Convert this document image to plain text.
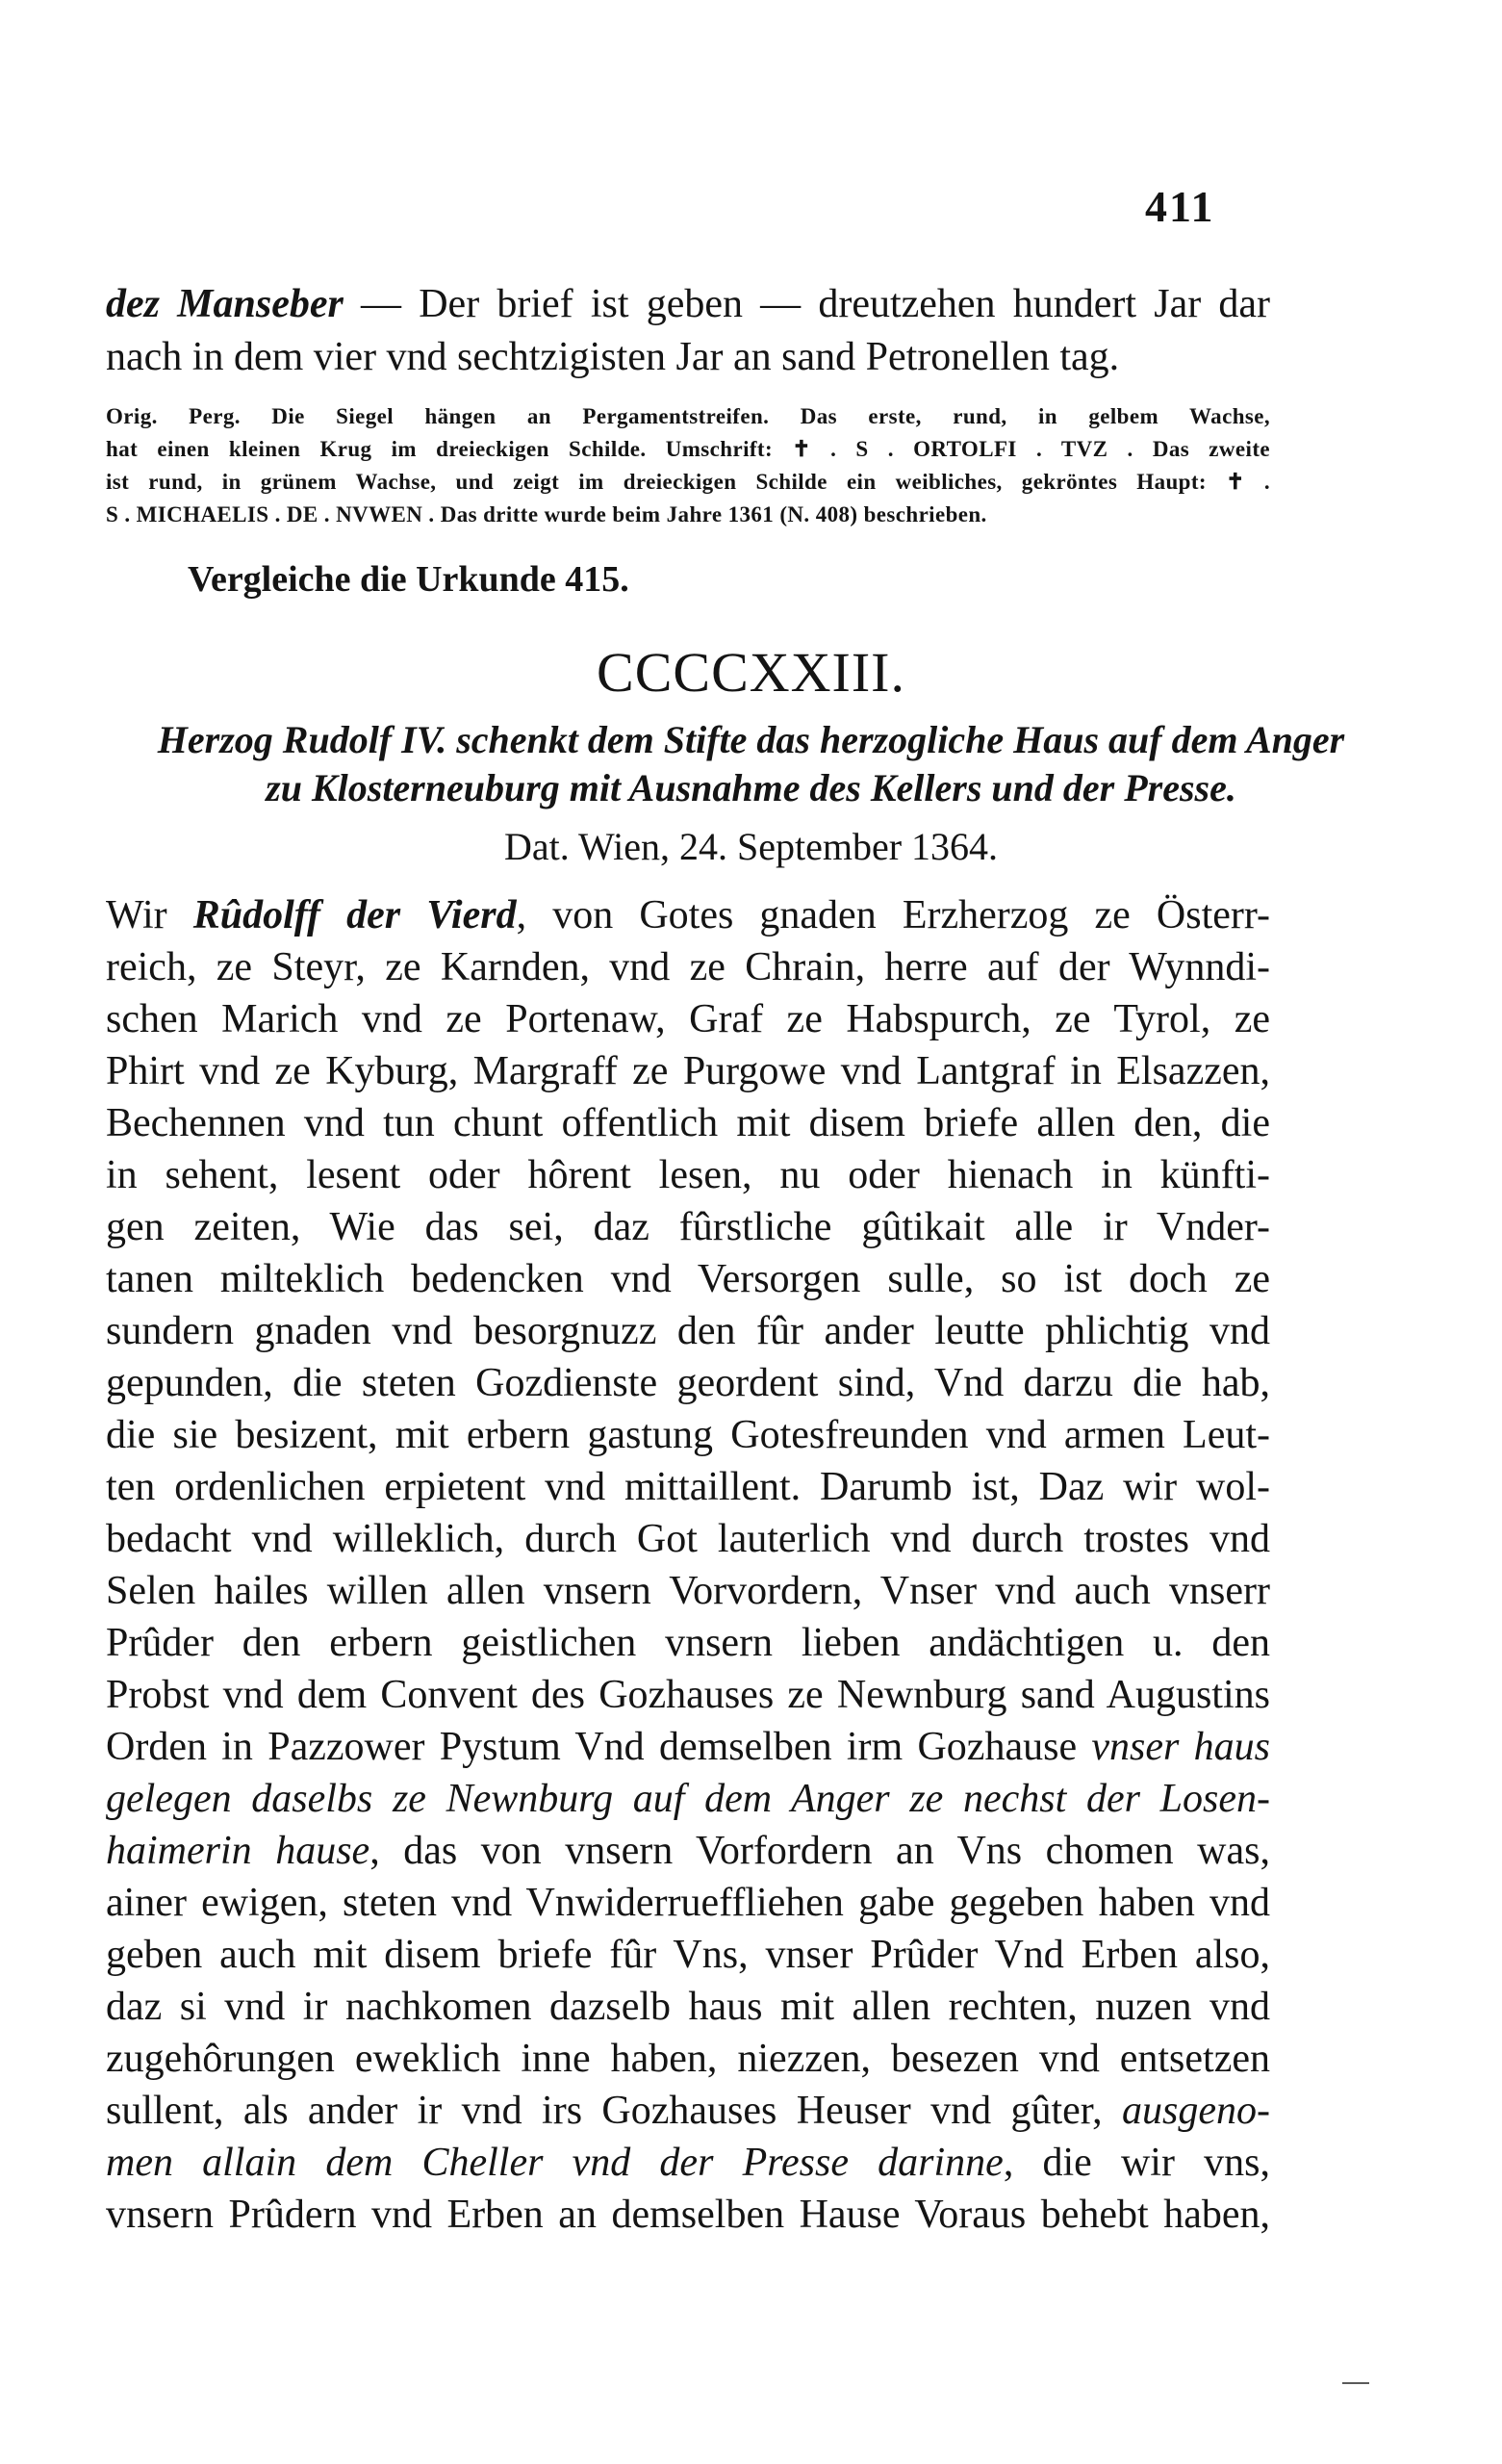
411
dez Manseber — Der brief ist geben — dreutzehen hundert Jar dar
nach in dem vier vnd sechtzigisten Jar an sand Petronellen tag.
Orig. Perg. Die Siegel hängen an Pergamentstreifen. Das erste, rund, in gelbem Wachse,
hat einen kleinen Krug im dreieckigen Schilde. Umschrift: ✝ . S . ORTOLFI . TVZ . Das zweite
ist rund, in grünem Wachse, und zeigt im dreieckigen Schilde ein weibliches, gekröntes Haupt: ✝ .
S . MICHAELIS . DE . NVWEN . Das dritte wurde beim Jahre 1361 (N. 408) beschrieben.
Vergleiche die Urkunde 415.
CCCCXXIII.
Herzog Rudolf IV. schenkt dem Stifte das herzogliche Haus auf dem Anger
zu Klosterneuburg mit Ausnahme des Kellers und der Presse.
Dat. Wien, 24. September 1364.
Wir Rûdolff der Vierd, von Gotes gnaden Erzherzog ze Österr-
reich, ze Steyr, ze Karnden, vnd ze Chrain, herre auf der Wynndi-
schen Marich vnd ze Portenaw, Graf ze Habspurch, ze Tyrol, ze
Phirt vnd ze Kyburg, Margraff ze Purgowe vnd Lantgraf in Elsazzen,
Bechennen vnd tun chunt offentlich mit disem briefe allen den, die
in sehent, lesent oder hôrent lesen, nu oder hienach in künfti-
gen zeiten, Wie das sei, daz fûrstliche gûtikait alle ir Vnder-
tanen milteklich bedencken vnd Versorgen sulle, so ist doch ze
sundern gnaden vnd besorgnuzz den fûr ander leutte phlichtig vnd
gepunden, die steten Gozdienste geordent sind, Vnd darzu die hab,
die sie besizent, mit erbern gastung Gotesfreunden vnd armen Leut-
ten ordenlichen erpietent vnd mittaillent. Darumb ist, Daz wir wol-
bedacht vnd willeklich, durch Got lauterlich vnd durch trostes vnd
Selen hailes willen allen vnsern Vorvordern, Vnser vnd auch vnserr
Prûder den erbern geistlichen vnsern lieben andächtigen u. den
Probst vnd dem Convent des Gozhauses ze Newnburg sand Augustins
Orden in Pazzower Pystum Vnd demselben irm Gozhause vnser haus
gelegen daselbs ze Newnburg auf dem Anger ze nechst der Losen-
haimerin hause, das von vnsern Vorfordern an Vns chomen was,
ainer ewigen, steten vnd Vnwiderrueffliehen gabe gegeben haben vnd
geben auch mit disem briefe fûr Vns, vnser Prûder Vnd Erben also,
daz si vnd ir nachkomen dazselb haus mit allen rechten, nuzen vnd
zugehôrungen eweklich inne haben, niezzen, besezen vnd entsetzen
sullent, als ander ir vnd irs Gozhauses Heuser vnd gûter, ausgeno-
men allain dem Cheller vnd der Presse darinne, die wir vns,
vnsern Prûdern vnd Erben an demselben Hause Voraus behebt haben,
